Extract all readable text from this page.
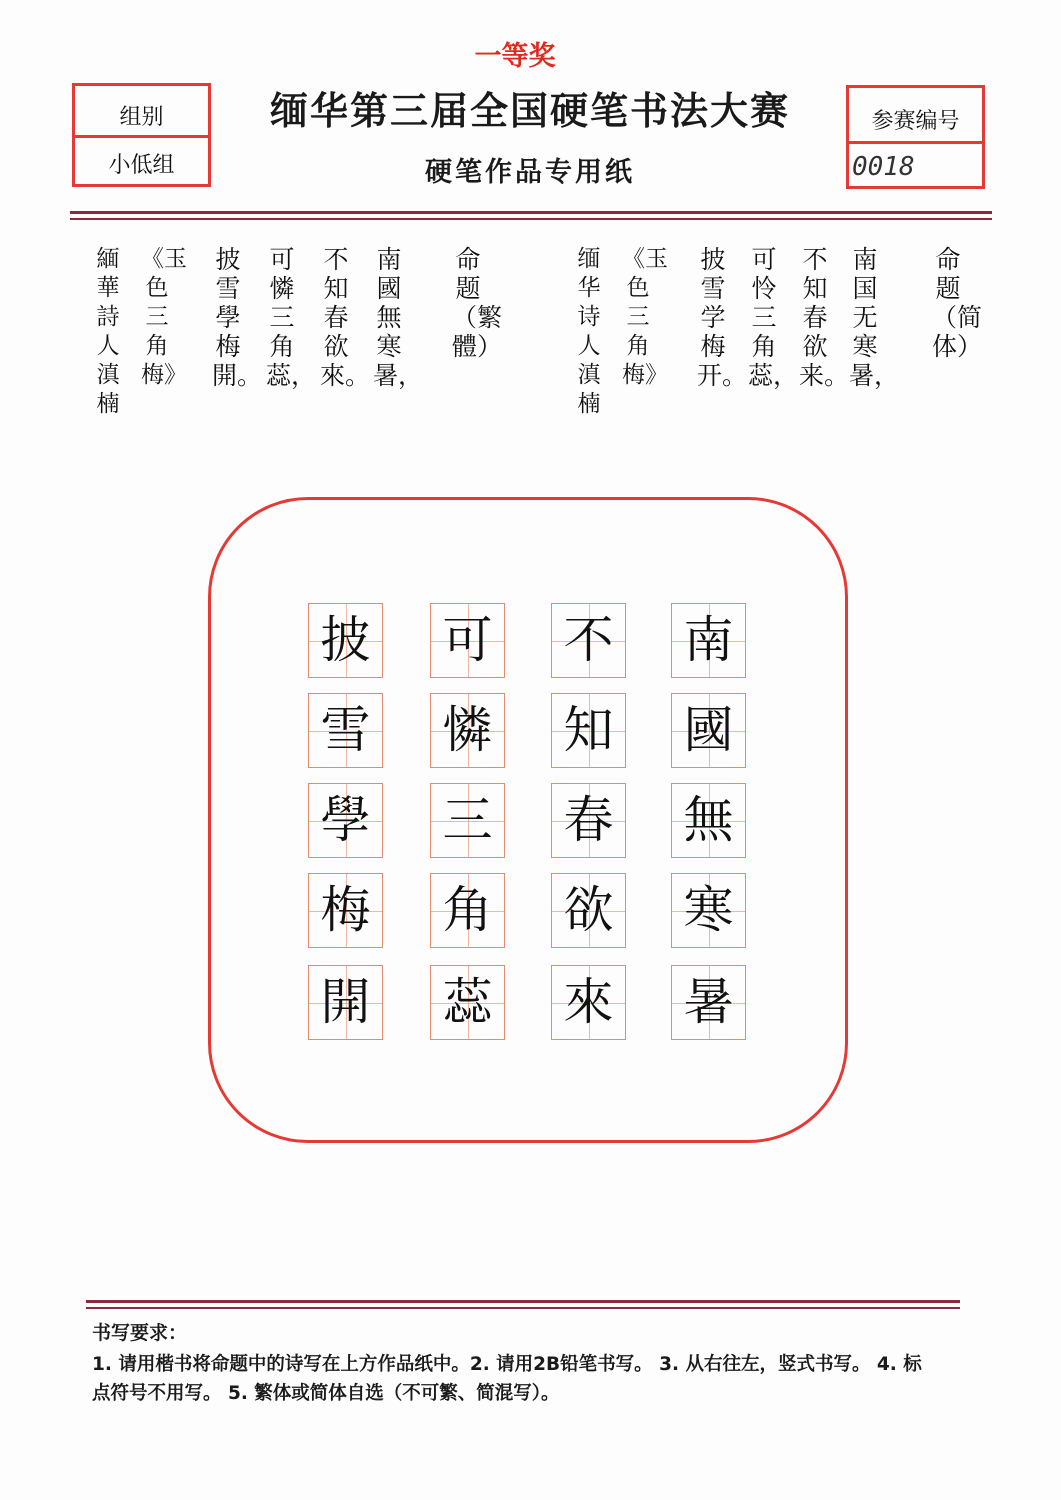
一等奖
组别
小低组
缅华第三届全国硬笔书法大赛
硬笔作品专用纸
参赛编号
0018
命题（简体）
南国无寒暑，
不知春欲来。
可怜三角蕊，
披雪学梅开。
《玉色三角梅》
缅华诗人 滇楠
命题（繁體）
南國無寒暑，
不知春欲來。
可憐三角蕊，
披雪學梅開。
《玉色三角梅》
緬華詩人 滇楠
南
國
無
寒
暑
不
知
春
欲
來
可
憐
三
角
蕊
披
雪
學
梅
開
书写要求：
1. 请用楷书将命题中的诗写在上方作品纸中。2. 请用2B铅笔书写。 3. 从右往左，竖式书写。 4. 标点符号不用写。 5. 繁体或简体自选（不可繁、简混写）。
